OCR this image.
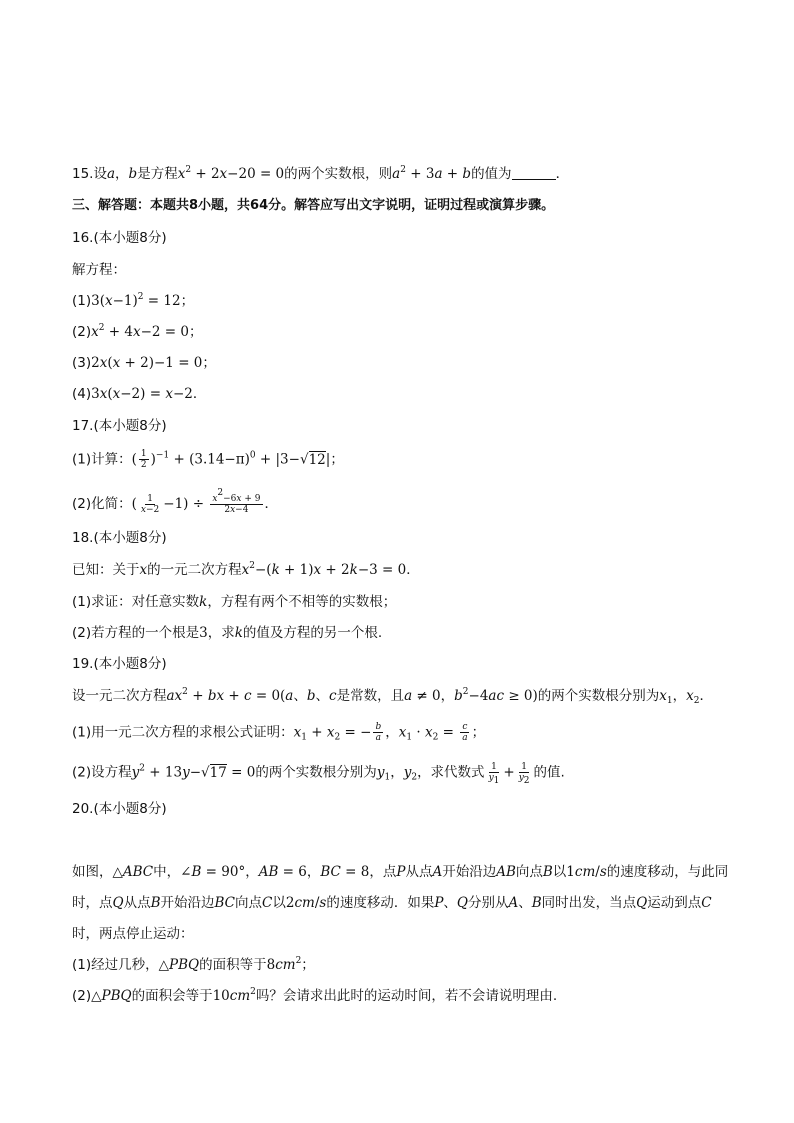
15.设a，b是方程$x^2 + 2x-20 = 0$的两个实数根，则$a^2 + 3a + b$的值为	．
三、解答题：本题共8小题，共64分。解答应写出文字说明，证明过程或演算步骤。
16.(本小题8分)
解方程：
$(1)3(x-1)^2 = 12$；
$(2)x^2 + 4x-2 = 0$；
(3)2x(x + 2)−1 = 0；
(4)3x(x−2) = x−2．
17.(本小题8分)
(1)计算：( $\frac{1}{2} )^{-1} + (3.14-\pi)^0 + |3-√12|$；
(2)化简：( $\frac{1}{x-2} -1) \div \frac{x^2-6x + 9}{2x-4}$ ．
18.(本小题8分)
已知：关于x的一元二次方程$x^2-(k + 1)x + 2k-3 = 0$．
(1)求证：对任意实数k，方程有两个不相等的实数根；
(2)若方程的一个根是3，求k的值及方程的另一个根.
19.(本小题8分)
设一元二次方程$ax^2$ + bx + c = 0(a、b、c是常数，且a ≠ 0，$b^2-4ac \ge 0$)的两个实数根分别为$x_1$，$x_2$．
(1)用一元二次方程的求根公式证明：$x_1 + x_2$ = − $\frac{b}{a}$ ，$x_1 \cdot x_2 = \frac{c}{a}$ ；
(2)设方程$y^2 + 13y-√17 = 0$的两个实数根分别为$y_1$，$y_2$，求代数式 $\frac{1}{y_1} + \frac{1}{y_2}$ 的值.
20.(本小题8分)
如图，△ABC中，∠B = 90°，AB = 6，BC = 8，点P从点A开始沿边AB向点B以1cm/s的速度移动，与此同
时，点Q从点B开始沿边BC向点C以2cm/s的速度移动．如果P、Q分别从A、B同时出发，当点Q运动到点C
时，两点停止运动：
(1)经过几秒，△PBQ的面积等于$8cm^2$；
(2)△PBQ的面积会等于$10cm^2$吗？会请求出此时的运动时间，若不会请说明理由.
